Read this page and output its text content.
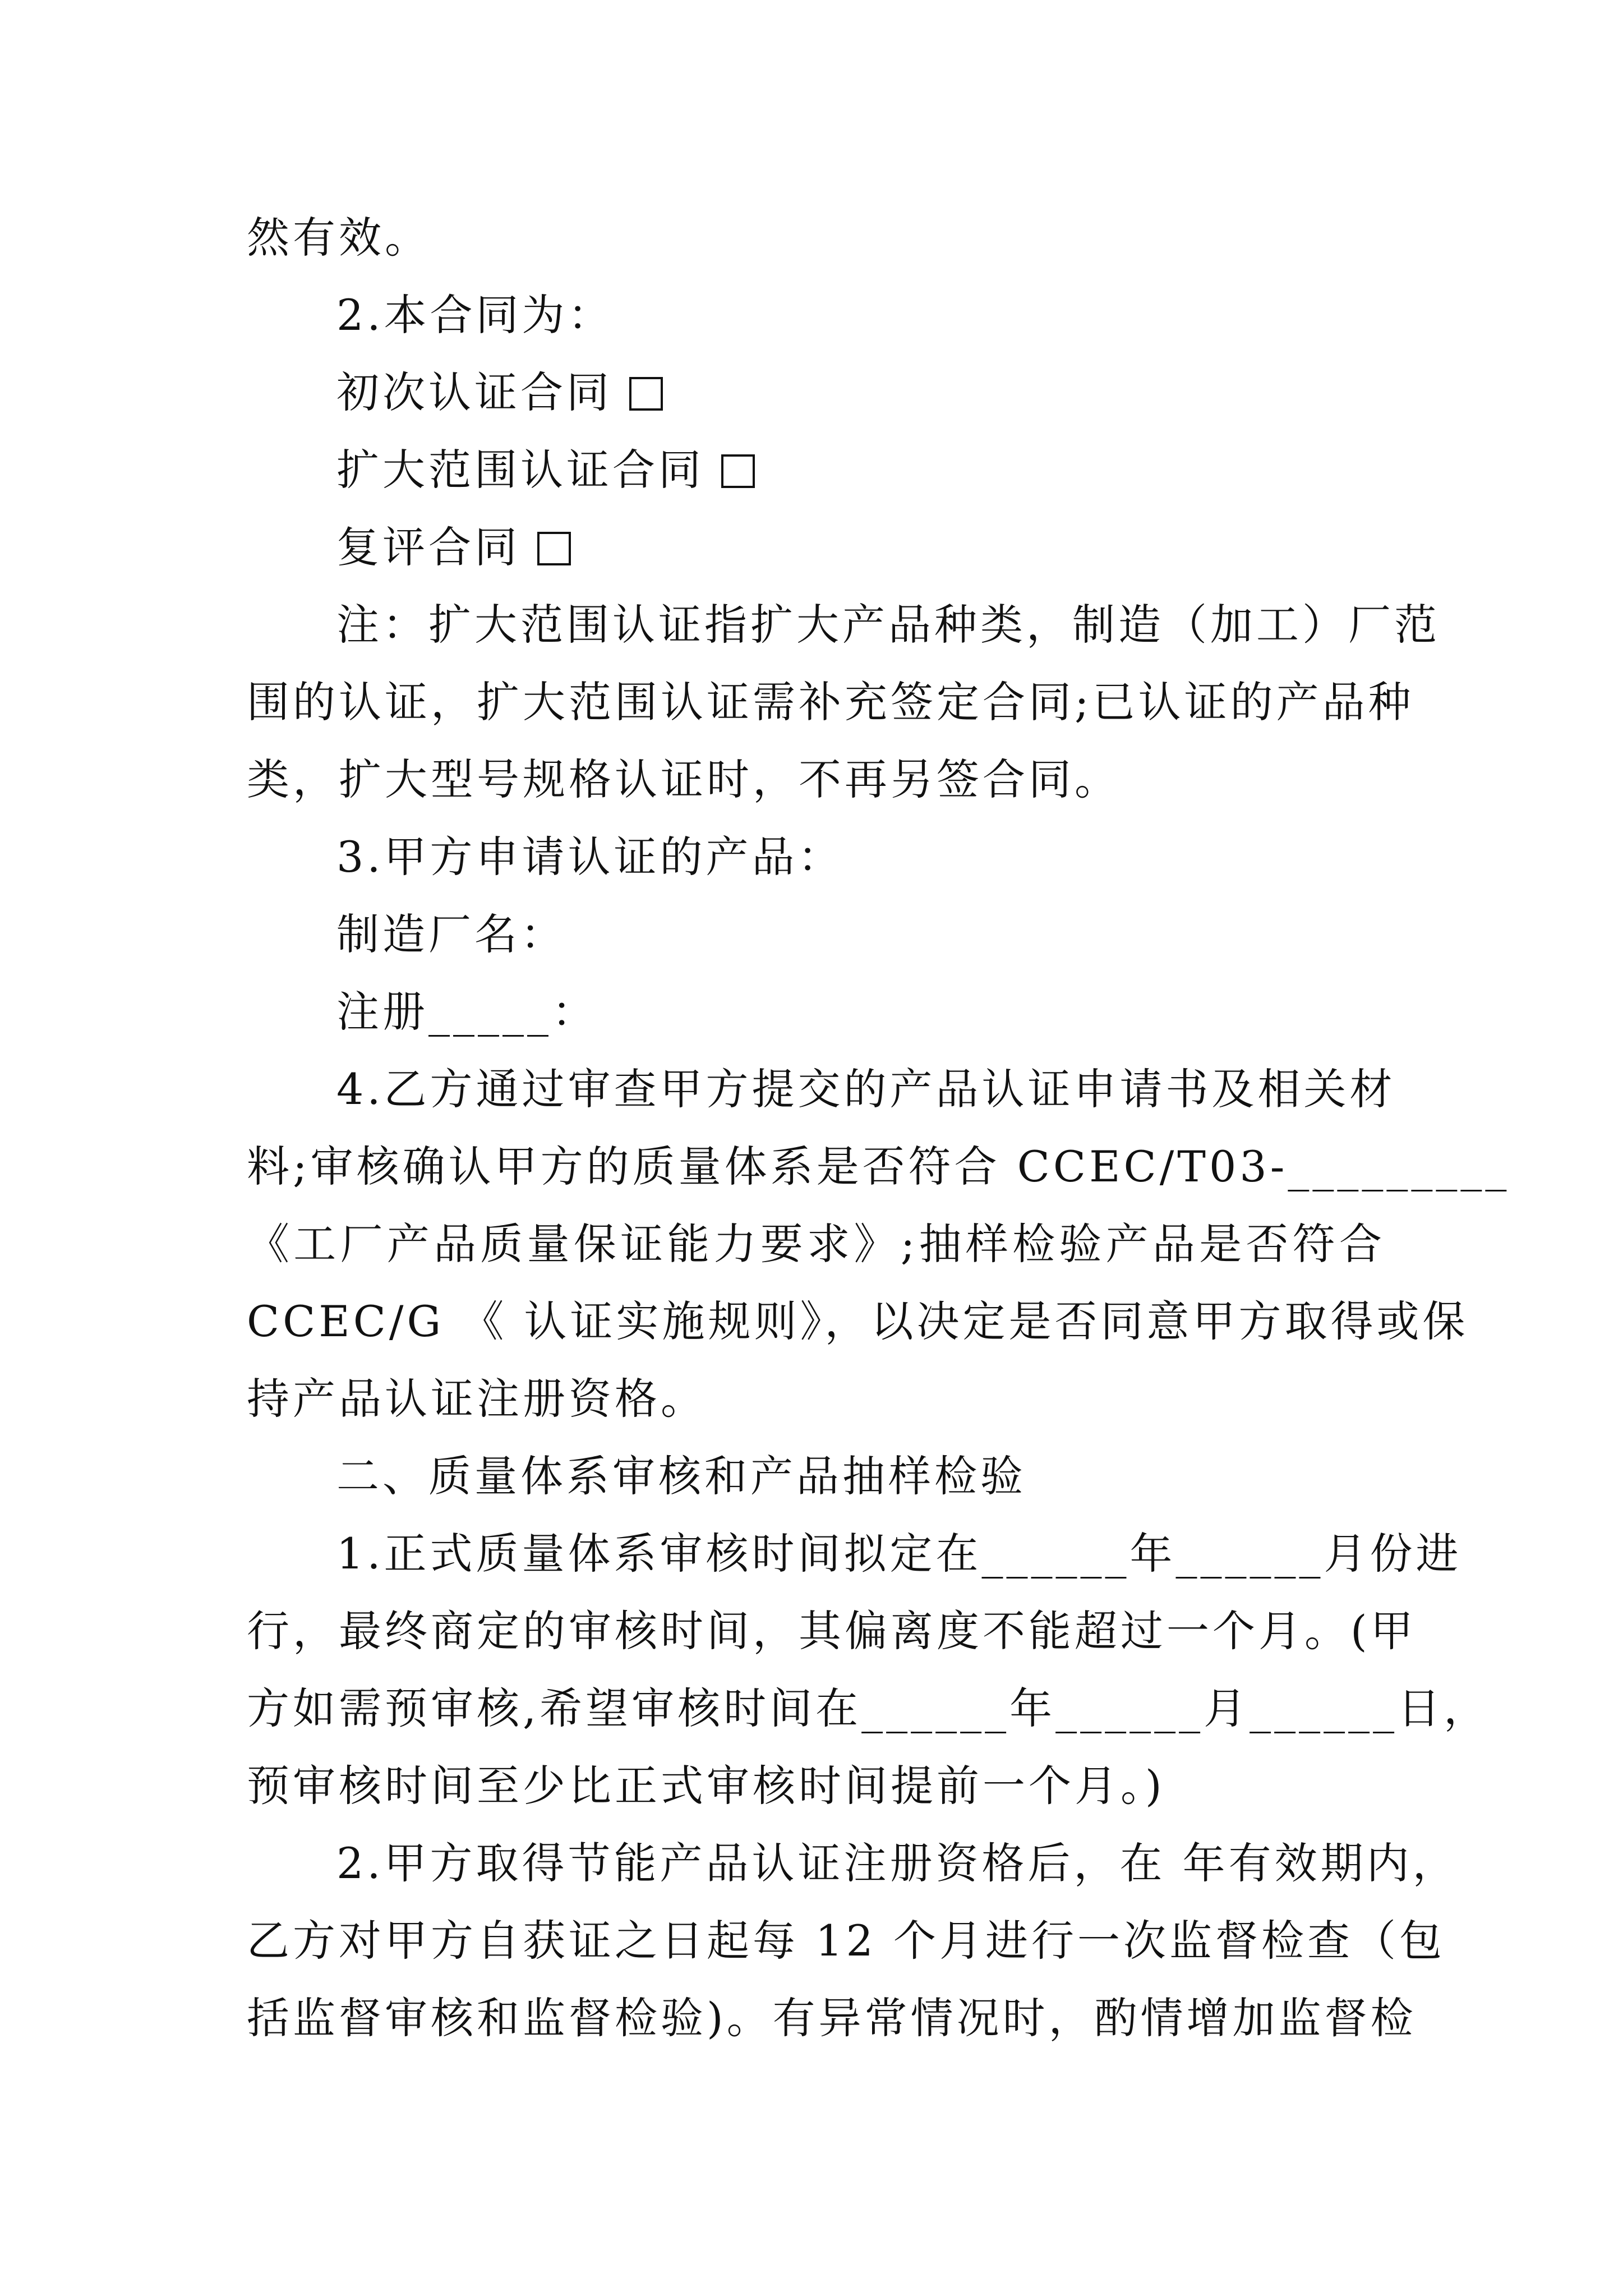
然有效。
2.本合同为：
初次认证合同
扩大范围认证合同
复评合同
注：扩大范围认证指扩大产品种类，制造（加工）厂范
围的认证，扩大范围认证需补充签定合同;已认证的产品种
类，扩大型号规格认证时，不再另签合同。
3.甲方申请认证的产品：
制造厂名：
注册_____：
4.乙方通过审查甲方提交的产品认证申请书及相关材
料;审核确认甲方的质量体系是否符合 CCEC/T03-_________
《工厂产品质量保证能力要求》;抽样检验产品是否符合
CCEC/G 《 认证实施规则》，以决定是否同意甲方取得或保
持产品认证注册资格。
二、质量体系审核和产品抽样检验
1.正式质量体系审核时间拟定在______年______月份进
行，最终商定的审核时间，其偏离度不能超过一个月。(甲
方如需预审核,希望审核时间在______年______月______日，
预审核时间至少比正式审核时间提前一个月。)
2.甲方取得节能产品认证注册资格后，在 年有效期内，
乙方对甲方自获证之日起每 12 个月进行一次监督检查（包
括监督审核和监督检验)。有异常情况时，酌情增加监督检
